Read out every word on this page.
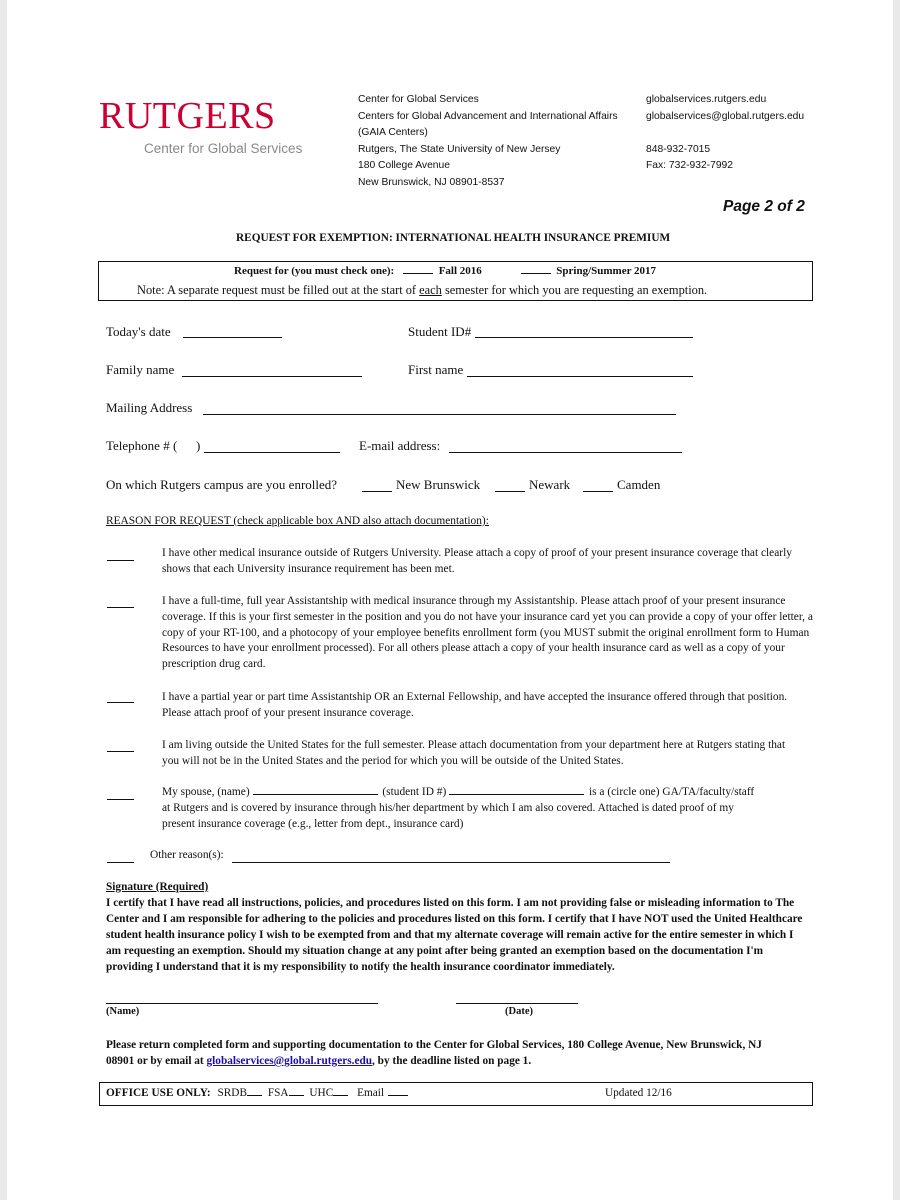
RUTGERS
Center for Global Services
Center for Global Services
Centers for Global Advancement and International Affairs
(GAIA Centers)
Rutgers, The State University of New Jersey
180 College Avenue
New Brunswick, NJ 08901-8537
globalservices.rutgers.edu
globalservices@global.rutgers.edu

848-932-7015
Fax: 732-932-7992
Page 2 of 2
REQUEST FOR EXEMPTION: INTERNATIONAL HEALTH INSURANCE PREMIUM
Request for (you must check one):	Fall 2016	Spring/Summer 2017
Note: A separate request must be filled out at the start of each semester for which you are requesting an exemption.
Today's date	Student ID#
Family name	First name
Mailing Address
Telephone # ( )	E-mail address:
On which Rutgers campus are you enrolled?	New Brunswick	Newark	Camden
REASON FOR REQUEST (check applicable box AND also attach documentation):
I have other medical insurance outside of Rutgers University. Please attach a copy of proof of your present insurance coverage that clearly shows that each University insurance requirement has been met.
I have a full-time, full year Assistantship with medical insurance through my Assistantship. Please attach proof of your present insurance coverage. If this is your first semester in the position and you do not have your insurance card yet you can provide a copy of your offer letter, a copy of your RT-100, and a photocopy of your employee benefits enrollment form (you MUST submit the original enrollment form to Human Resources to have your enrollment processed). For all others please attach a copy of your health insurance card as well as a copy of your prescription drug card.
I have a partial year or part time Assistantship OR an External Fellowship, and have accepted the insurance offered through that position. Please attach proof of your present insurance coverage.
I am living outside the United States for the full semester. Please attach documentation from your department here at Rutgers stating that you will not be in the United States and the period for which you will be outside of the United States.
My spouse, (name)	(student ID #)	is a (circle one) GA/TA/faculty/staff
at Rutgers and is covered by insurance through his/her department by which I am also covered. Attached is dated proof of my
present insurance coverage (e.g., letter from dept., insurance card)
Other reason(s):
Signature (Required)
I certify that I have read all instructions, policies, and procedures listed on this form. I am not providing false or misleading information to The Center and I am responsible for adhering to the policies and procedures listed on this form. I certify that I have NOT used the United Healthcare student health insurance policy I wish to be exempted from and that my alternate coverage will remain active for the entire semester in which I am requesting an exemption. Should my situation change at any point after being granted an exemption based on the documentation I'm providing I understand that it is my responsibility to notify the health insurance coordinator immediately.
(Name)	(Date)
Please return completed form and supporting documentation to the Center for Global Services, 180 College Avenue, New Brunswick, NJ
08901 or by email at globalservices@global.rutgers.edu, by the deadline listed on page 1.
OFFICE USE ONLY: SRDB FSA UHC Email	Updated 12/16
